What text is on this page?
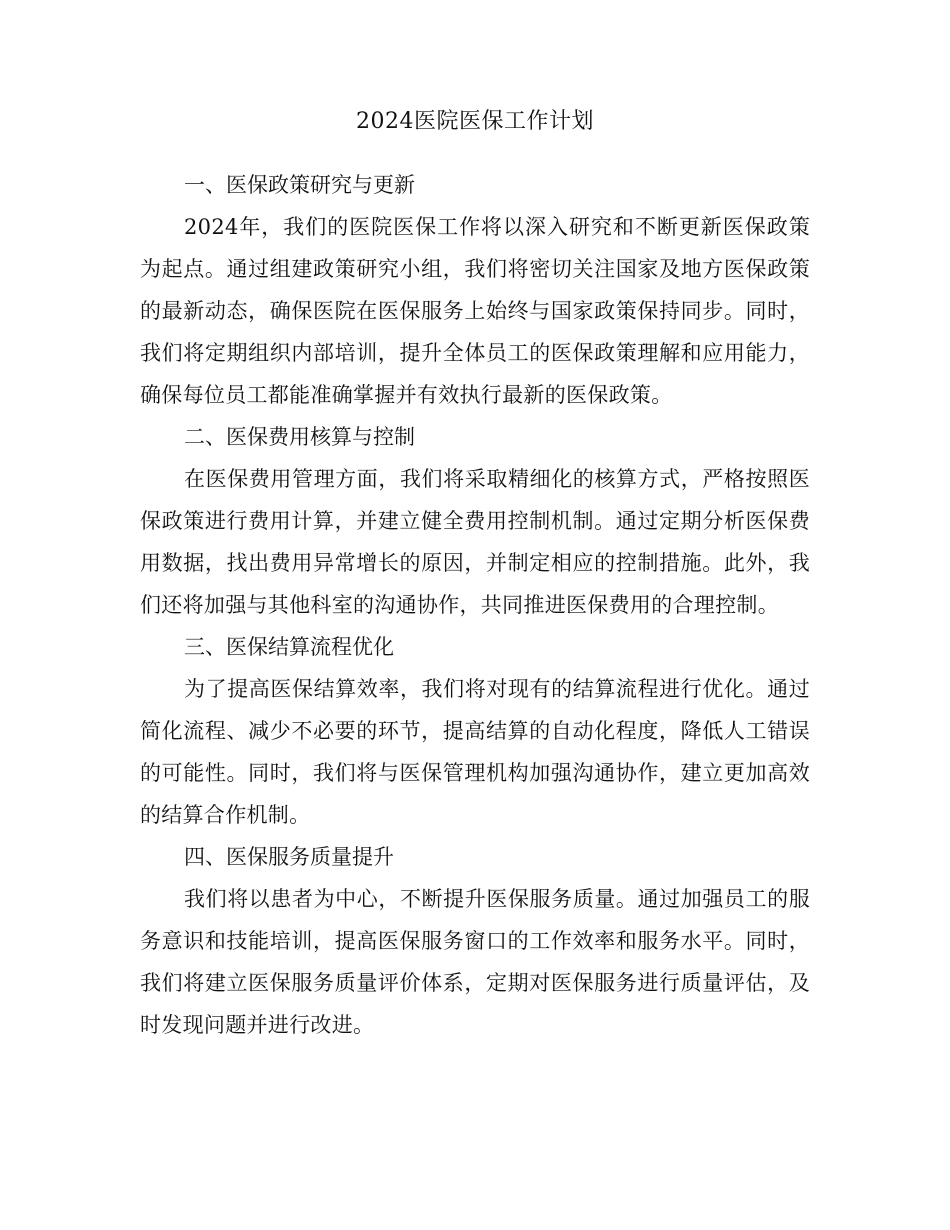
2024医院医保工作计划

一、医保政策研究与更新

2024年，我们的医院医保工作将以深入研究和不断更新医保政策为起点。通过组建政策研究小组，我们将密切关注国家及地方医保政策的最新动态，确保医院在医保服务上始终与国家政策保持同步。同时，我们将定期组织内部培训，提升全体员工的医保政策理解和应用能力，确保每位员工都能准确掌握并有效执行最新的医保政策。

二、医保费用核算与控制

在医保费用管理方面，我们将采取精细化的核算方式，严格按照医保政策进行费用计算，并建立健全费用控制机制。通过定期分析医保费用数据，找出费用异常增长的原因，并制定相应的控制措施。此外，我们还将加强与其他科室的沟通协作，共同推进医保费用的合理控制。

三、医保结算流程优化

为了提高医保结算效率，我们将对现有的结算流程进行优化。通过简化流程、减少不必要的环节，提高结算的自动化程度，降低人工错误的可能性。同时，我们将与医保管理机构加强沟通协作，建立更加高效的结算合作机制。

四、医保服务质量提升

我们将以患者为中心，不断提升医保服务质量。通过加强员工的服务意识和技能培训，提高医保服务窗口的工作效率和服务水平。同时，我们将建立医保服务质量评价体系，定期对医保服务进行质量评估，及时发现问题并进行改进。
